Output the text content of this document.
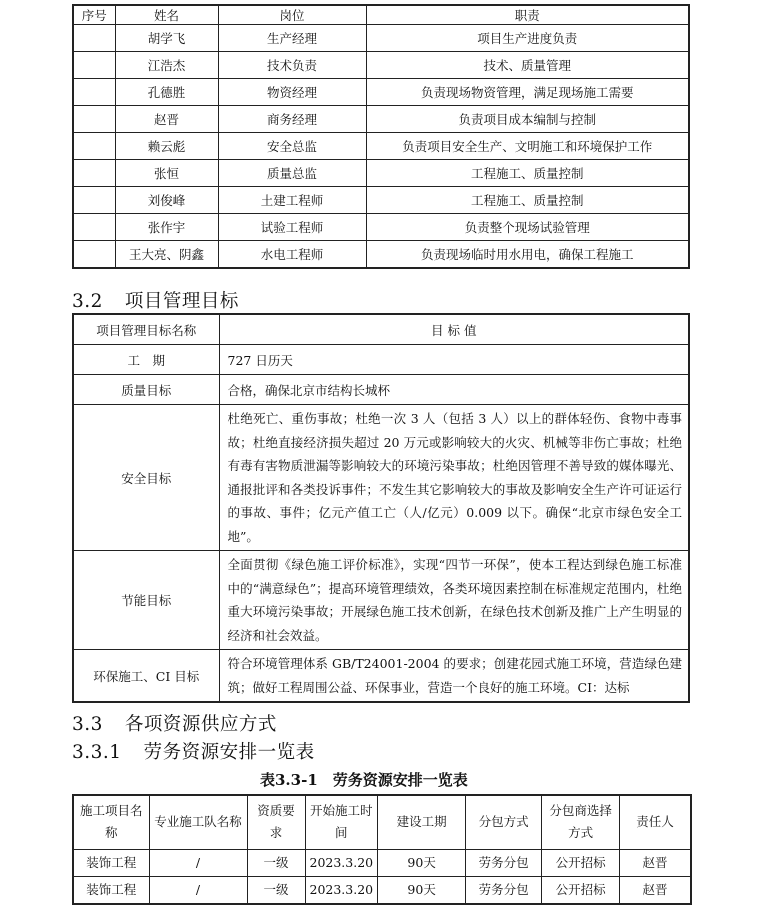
序号	姓名	岗位	职责
	胡学飞	生产经理	项目生产进度负责
	江浩杰	技术负责	技术、质量管理
	孔德胜	物资经理	负责现场物资管理，满足现场施工需要
	赵晋	商务经理	负责项目成本编制与控制
	赖云彪	安全总监	负责项目安全生产、文明施工和环境保护工作
	张恒	质量总监	工程施工、质量控制
	刘俊峰	土建工程师	工程施工、质量控制
	张作宇	试验工程师	负责整个现场试验管理
	王大亮、阴鑫	水电工程师	负责现场临时用水用电，确保工程施工
3.2 项目管理目标
项目管理目标名称	目 标 值
工　期	727 日历天
质量目标	合格，确保北京市结构长城杯
安全目标	杜绝死亡、重伤事故；杜绝一次 3 人（包括 3 人）以上的群体轻伤、食物中毒事故；杜绝直接经济损失超过 20 万元或影响较大的火灾、机械等非伤亡事故；杜绝有毒有害物质泄漏等影响较大的环境污染事故；杜绝因管理不善导致的媒体曝光、通报批评和各类投诉事件；不发生其它影响较大的事故及影响安全生产许可证运行的事故、事件；亿元产值工亡（人/亿元）0.009 以下。确保“北京市绿色安全工地”。
节能目标	全面贯彻《绿色施工评价标准》，实现“四节一环保”，使本工程达到绿色施工标准中的“满意绿色”；提高环境管理绩效，各类环境因素控制在标准规定范围内，杜绝重大环境污染事故；开展绿色施工技术创新，在绿色技术创新及推广上产生明显的经济和社会效益。
环保施工、CI 目标	符合环境管理体系 GB/T24001-2004 的要求；创建花园式施工环境，营造绿色建筑；做好工程周围公益、环保事业，营造一个良好的施工环境。CI：达标
3.3 各项资源供应方式
3.3.1 劳务资源安排一览表
表3.3-1　劳务资源安排一览表
施工项目名称	专业施工队名称	资质要求	开始施工时间	建设工期	分包方式	分包商选择方式	责任人
装饰工程	/	一级	2023.3.20	90天	劳务分包	公开招标	赵晋
装饰工程	/	一级	2023.3.20	90天	劳务分包	公开招标	赵晋
